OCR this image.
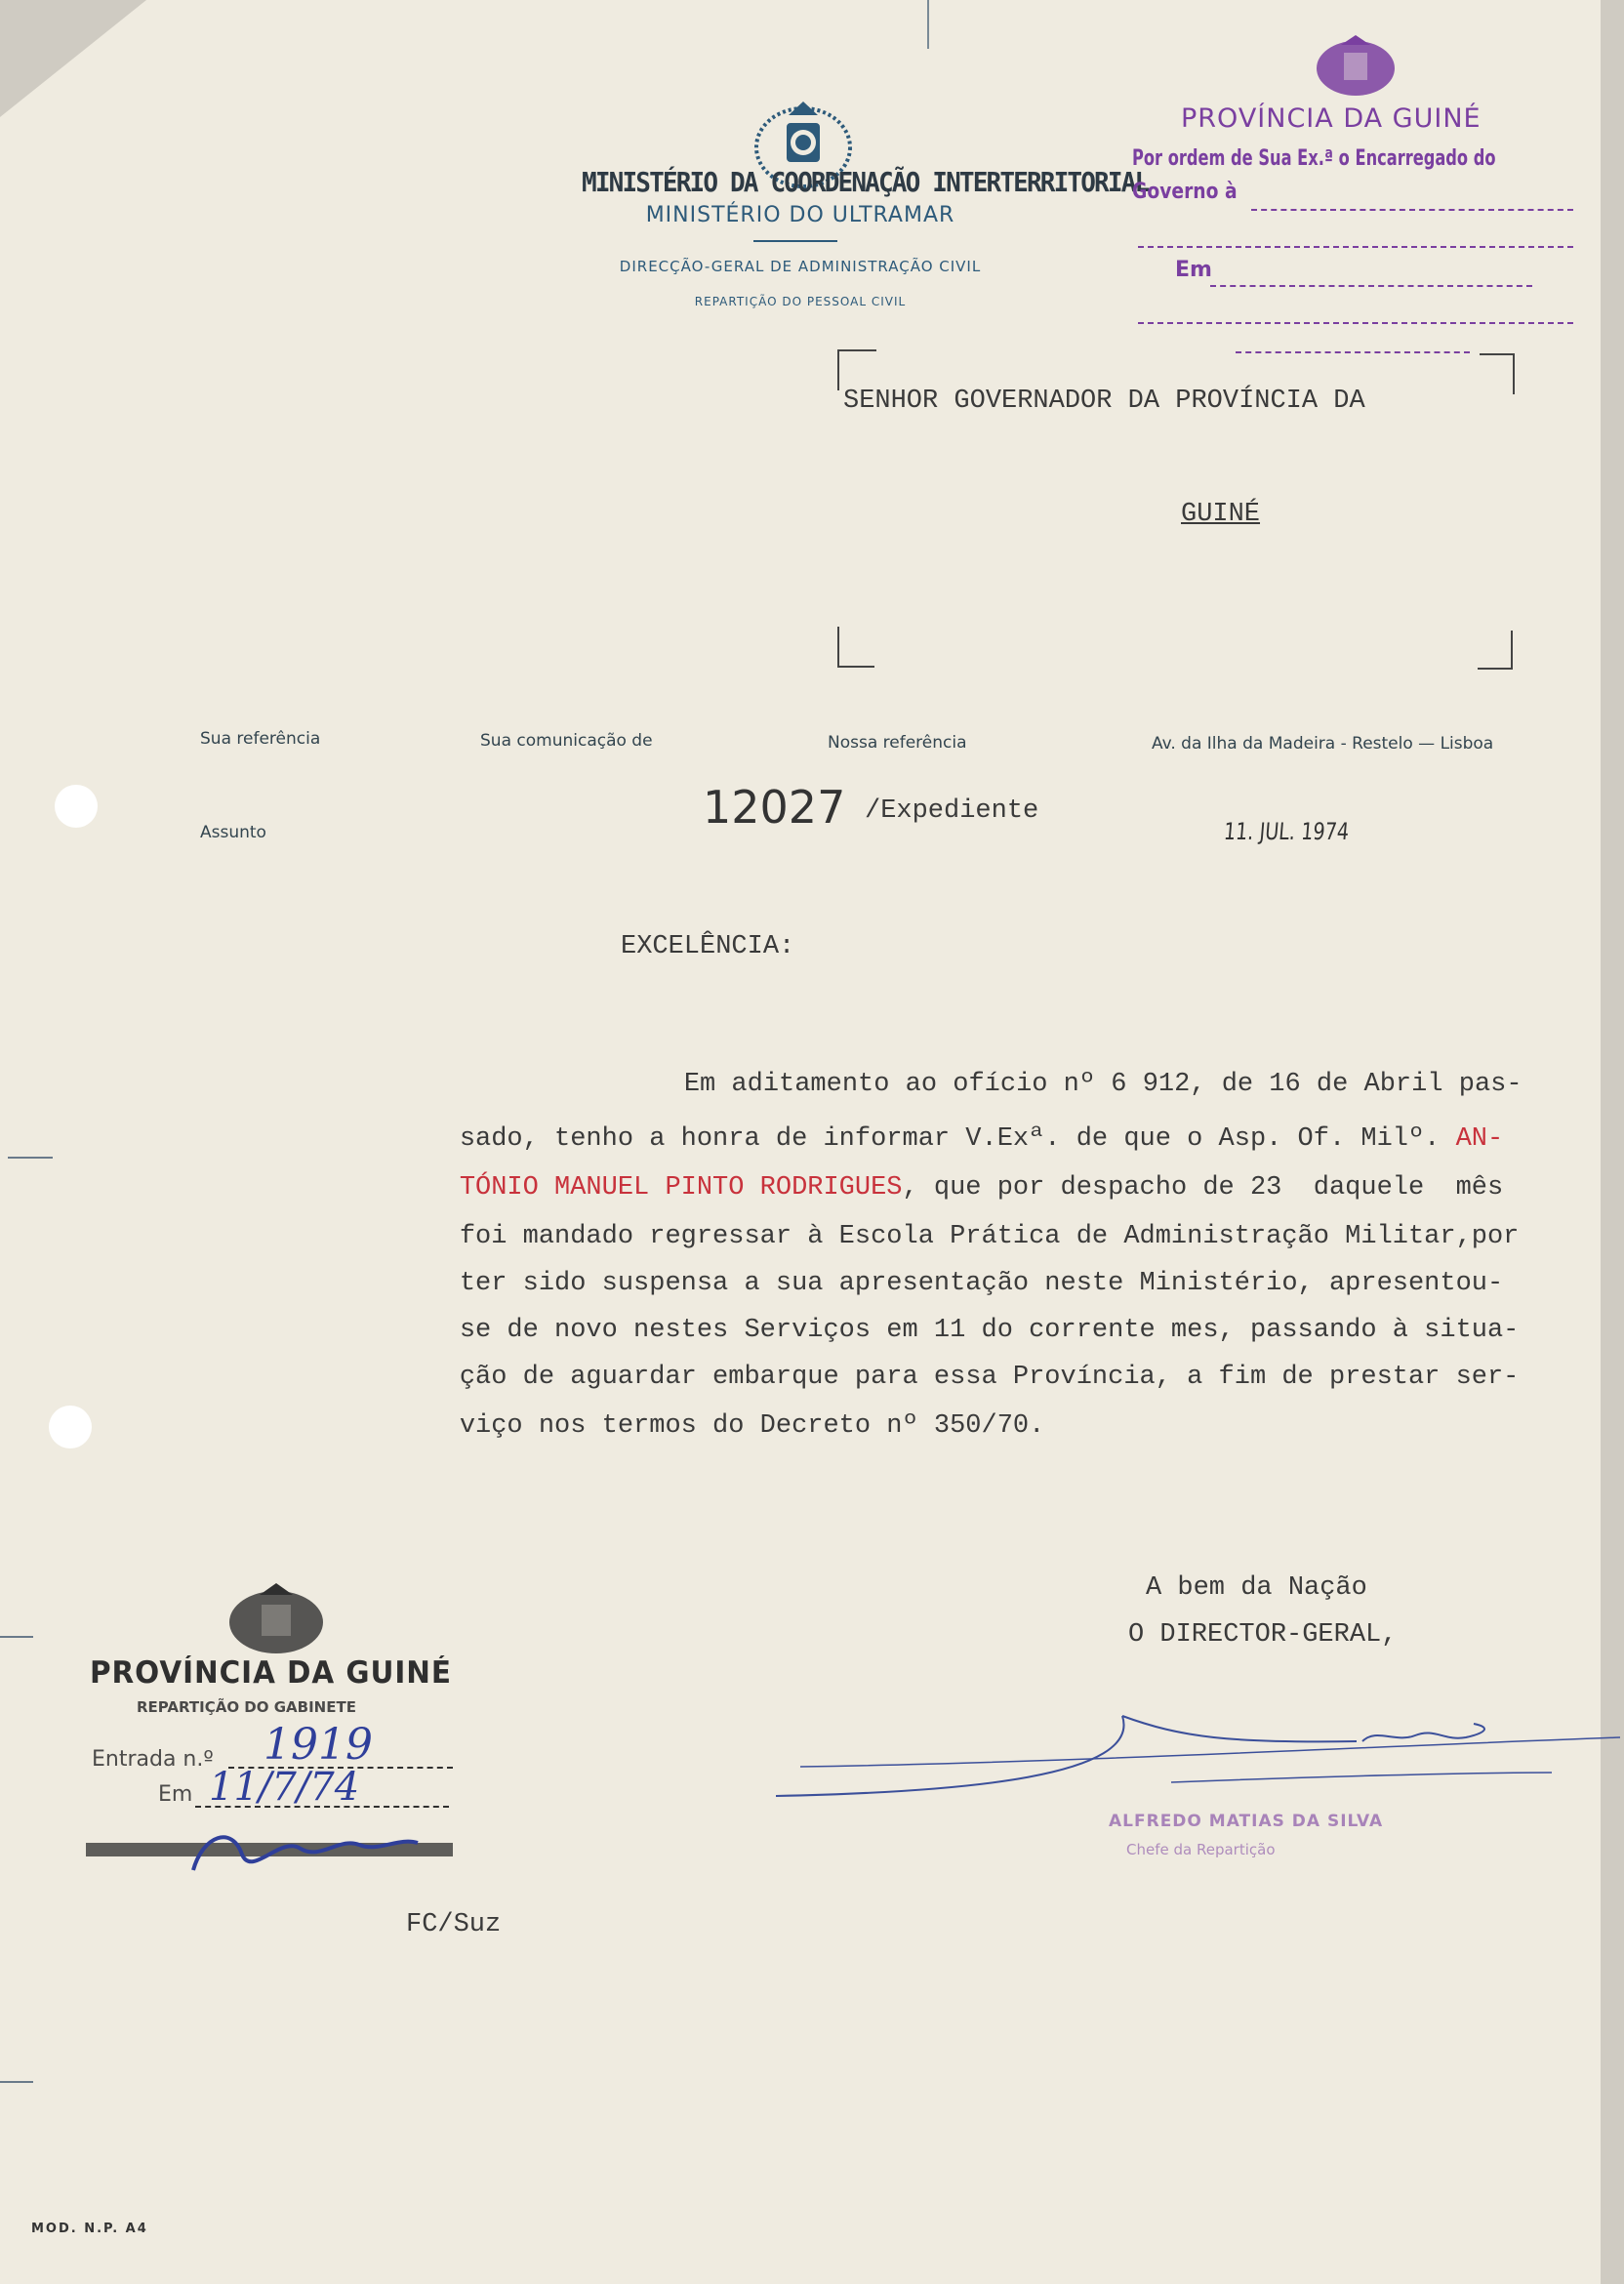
MINISTÉRIO DA COORDENAÇÃO INTERTERRITORIAL
MINISTÉRIO DO ULTRAMAR
DIRECÇÃO-GERAL DE ADMINISTRAÇÃO CIVIL
REPARTIÇÃO DO PESSOAL CIVIL
PROVÍNCIA DA GUINÉ
Por ordem de Sua Ex.ª o Encarregado do
Governo à
Em
SENHOR GOVERNADOR DA PROVÍNCIA DA
GUINÉ
Sua referência	Sua comunicação de	Nossa referência	Av. da Ilha da Madeira - Restelo — Lisboa
Assunto	12027 /Expediente
11. JUL. 1974
EXCELÊNCIA:

Em aditamento ao ofício nº 6 912, de 16 de Abril pas-

sado, tenho a honra de informar V.Exª. de que o Asp. Of. Milº. AN-

TÓNIO MANUEL PINTO RODRIGUES, que por despacho de 23  daquele  mês

foi mandado regressar à Escola Prática de Administração Militar,por

ter sido suspensa a sua apresentação neste Ministério, apresentou-

se de novo nestes Serviços em 11 do corrente mes, passando à situa-

ção de aguardar embarque para essa Província, a fim de prestar ser-

viço nos termos do Decreto nº 350/70.

A bem da Nação
O DIRECTOR-GERAL,
ALFREDO MATIAS DA SILVA
Chefe da Repartição
PROVÍNCIA DA GUINÉ
REPARTIÇÃO DO GABINETE
Entrada n.º 1919
Em 11/7/74
FC/Suz
MOD. N.P. A4
